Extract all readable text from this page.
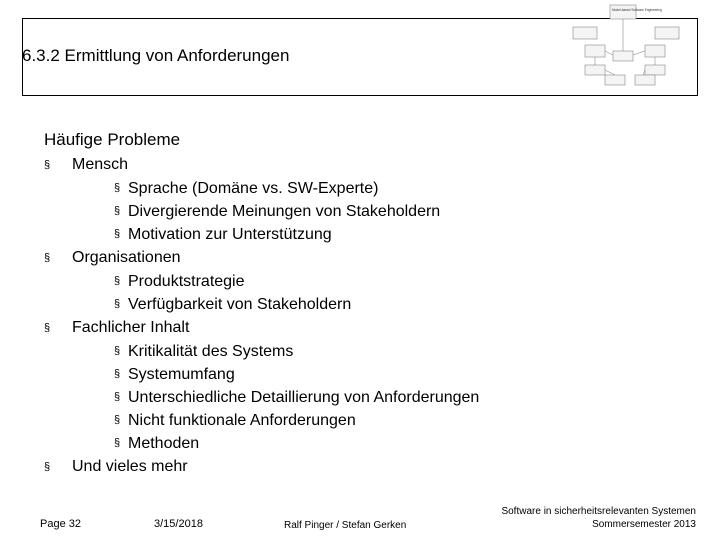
6.3.2 Ermittlung von Anforderungen
Model-based Software Engineering
Häufige Probleme
§ Mensch
§ Sprache (Domäne vs. SW-Experte)
§ Divergierende Meinungen von Stakeholdern
§ Motivation zur Unterstützung
§ Organisationen
§ Produktstrategie
§ Verfügbarkeit von Stakeholdern
§ Fachlicher Inhalt
§ Kritikalität des Systems
§ Systemumfang
§ Unterschiedliche Detaillierung von Anforderungen
§ Nicht funktionale Anforderungen
§ Methoden
§ Und vieles mehr
Page 32	3/15/2018	Ralf Pinger / Stefan Gerken
Software in sicherheitsrelevanten Systemen
Sommersemester 2013
